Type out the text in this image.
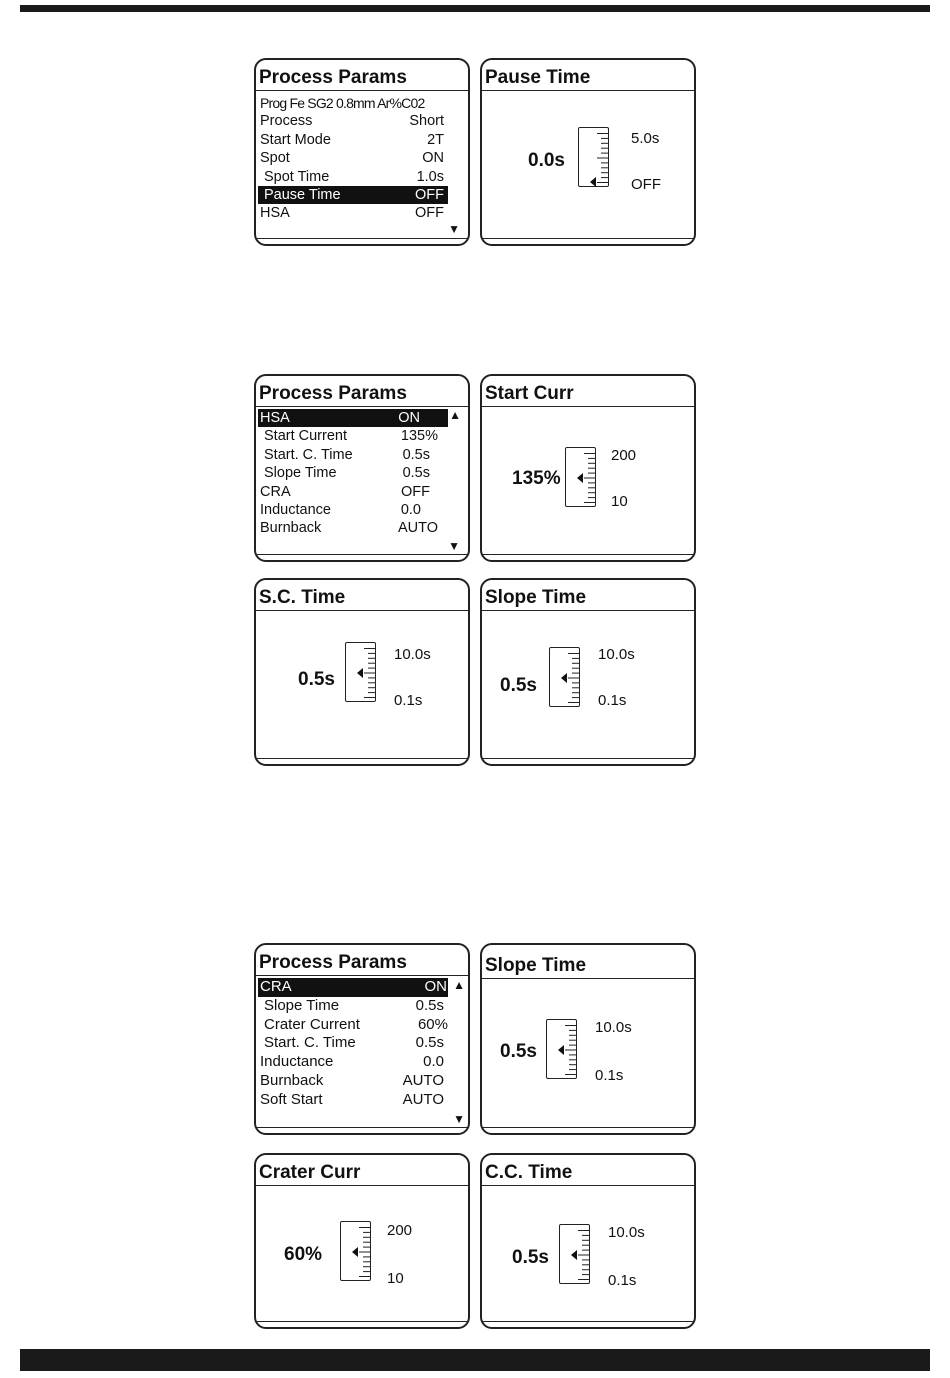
Process Params
Prog Fe SG2 0.8mm Ar%C02
Process	Short
Start Mode	2T
Spot	ON
Spot Time	1.0s
Pause Time	OFF
HSA	OFF
▼
Pause Time
0.0s
5.0s
OFF
Process Params
HSA	ON
Start Current	135%
Start. C. Time	0.5s
Slope Time	0.5s
CRA	OFF
Inductance	0.0
Burnback	AUTO
▲
▼
Start Curr
135%
200
10
S.C. Time
0.5s
10.0s
0.1s
Slope Time
0.5s
10.0s
0.1s
Process Params
CRA	ON
Slope Time	0.5s
Crater Current	60%
Start. C. Time	0.5s
Inductance	0.0
Burnback	AUTO
Soft Start	AUTO
▲
▼
Slope Time
0.5s
10.0s
0.1s
Crater Curr
60%
200
10
C.C. Time
0.5s
10.0s
0.1s
